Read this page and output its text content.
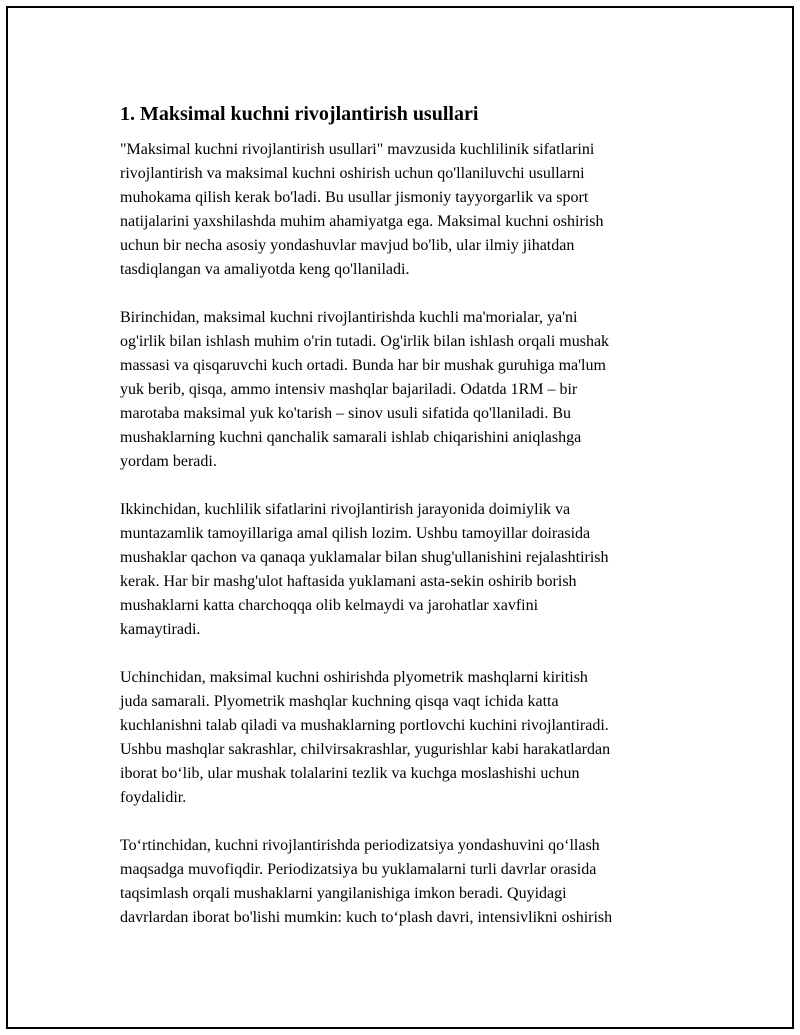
1. Maksimal kuchni rivojlantirish usullari

"Maksimal kuchni rivojlantirish usullari" mavzusida kuchlilinik sifatlarini
rivojlantirish va maksimal kuchni oshirish uchun qo'llaniluvchi usullarni
muhokama qilish kerak bo'ladi. Bu usullar jismoniy tayyorgarlik va sport
natijalarini yaxshilashda muhim ahamiyatga ega. Maksimal kuchni oshirish
uchun bir necha asosiy yondashuvlar mavjud bo'lib, ular ilmiy jihatdan
tasdiqlangan va amaliyotda keng qo'llaniladi.

Birinchidan, maksimal kuchni rivojlantirishda kuchli ma'morialar, ya'ni
og'irlik bilan ishlash muhim o'rin tutadi. Og'irlik bilan ishlash orqali mushak
massasi va qisqaruvchi kuch ortadi. Bunda har bir mushak guruhiga ma'lum
yuk berib, qisqa, ammo intensiv mashqlar bajariladi. Odatda 1RM – bir
marotaba maksimal yuk ko'tarish – sinov usuli sifatida qo'llaniladi. Bu
mushaklarning kuchni qanchalik samarali ishlab chiqarishini aniqlashga
yordam beradi.

Ikkinchidan, kuchlilik sifatlarini rivojlantirish jarayonida doimiylik va
muntazamlik tamoyillariga amal qilish lozim. Ushbu tamoyillar doirasida
mushaklar qachon va qanaqa yuklamalar bilan shug'ullanishini rejalashtirish
kerak. Har bir mashg'ulot haftasida yuklamani asta-sekin oshirib borish
mushaklarni katta charchoqqa olib kelmaydi va jarohatlar xavfini
kamaytiradi.

Uchinchidan, maksimal kuchni oshirishda plyometrik mashqlarni kiritish
juda samarali. Plyometrik mashqlar kuchning qisqa vaqt ichida katta
kuchlanishni talab qiladi va mushaklarning portlovchi kuchini rivojlantiradi.
Ushbu mashqlar sakrashlar, chilvirsakrashlar, yugurishlar kabi harakatlardan
iborat bo‘lib, ular mushak tolalarini tezlik va kuchga moslashishi uchun
foydalidir.

To‘rtinchidan, kuchni rivojlantirishda periodizatsiya yondashuvini qo‘llash
maqsadga muvofiqdir. Periodizatsiya bu yuklamalarni turli davrlar orasida
taqsimlash orqali mushaklarni yangilanishiga imkon beradi. Quyidagi
davrlardan iborat bo'lishi mumkin: kuch to‘plash davri, intensivlikni oshirish
